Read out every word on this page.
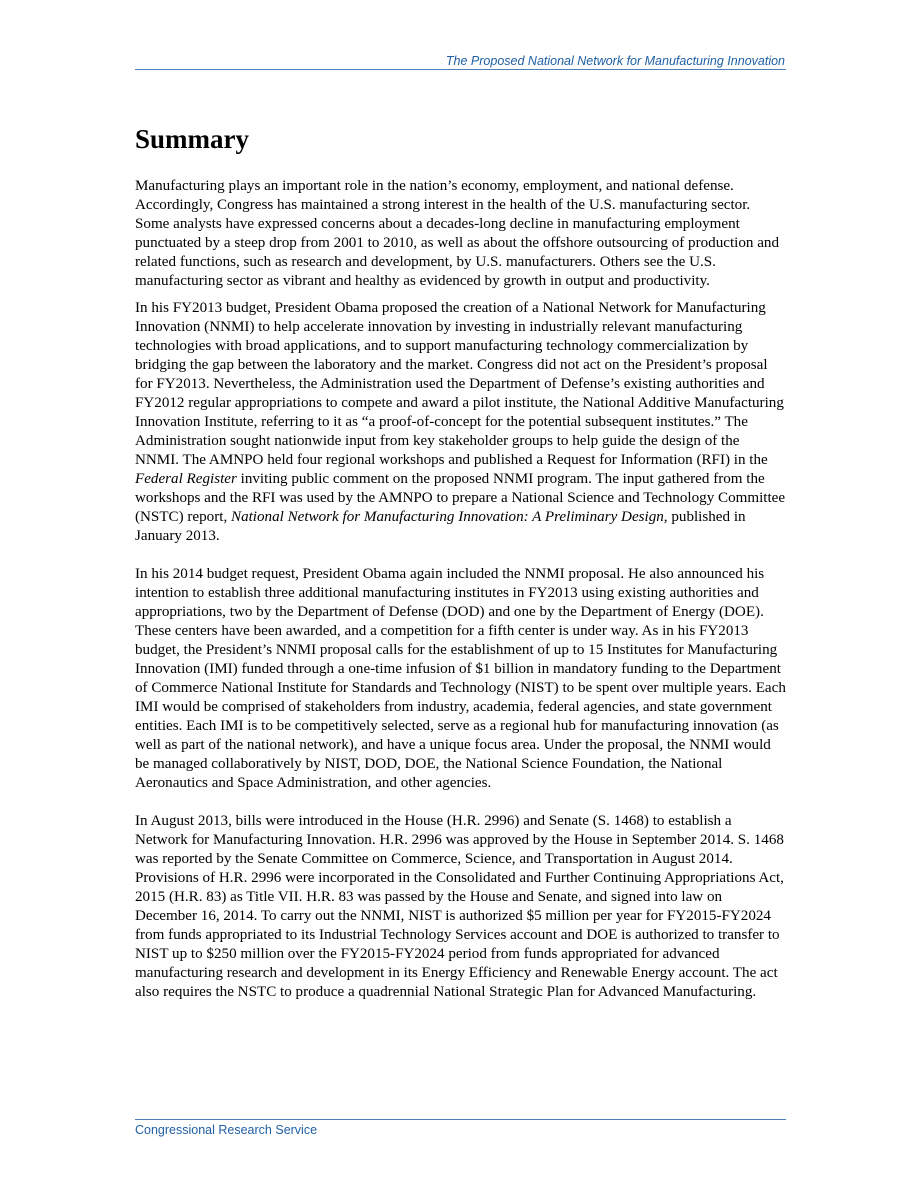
The Proposed National Network for Manufacturing Innovation
Summary

Manufacturing plays an important role in the nation’s economy, employment, and national defense. Accordingly, Congress has maintained a strong interest in the health of the U.S. manufacturing sector. Some analysts have expressed concerns about a decades-long decline in manufacturing employment punctuated by a steep drop from 2001 to 2010, as well as about the offshore outsourcing of production and related functions, such as research and development, by U.S. manufacturers. Others see the U.S. manufacturing sector as vibrant and healthy as evidenced by growth in output and productivity.

In his FY2013 budget, President Obama proposed the creation of a National Network for Manufacturing Innovation (NNMI) to help accelerate innovation by investing in industrially relevant manufacturing technologies with broad applications, and to support manufacturing technology commercialization by bridging the gap between the laboratory and the market. Congress did not act on the President’s proposal for FY2013. Nevertheless, the Administration used the Department of Defense’s existing authorities and FY2012 regular appropriations to compete and award a pilot institute, the National Additive Manufacturing Innovation Institute, referring to it as “a proof-of-concept for the potential subsequent institutes.” The Administration sought nationwide input from key stakeholder groups to help guide the design of the NNMI. The AMNPO held four regional workshops and published a Request for Information (RFI) in the Federal Register inviting public comment on the proposed NNMI program. The input gathered from the workshops and the RFI was used by the AMNPO to prepare a National Science and Technology Committee (NSTC) report, National Network for Manufacturing Innovation: A Preliminary Design, published in January 2013.

In his 2014 budget request, President Obama again included the NNMI proposal. He also announced his intention to establish three additional manufacturing institutes in FY2013 using existing authorities and appropriations, two by the Department of Defense (DOD) and one by the Department of Energy (DOE). These centers have been awarded, and a competition for a fifth center is under way. As in his FY2013 budget, the President’s NNMI proposal calls for the establishment of up to 15 Institutes for Manufacturing Innovation (IMI) funded through a one-time infusion of $1 billion in mandatory funding to the Department of Commerce National Institute for Standards and Technology (NIST) to be spent over multiple years. Each IMI would be comprised of stakeholders from industry, academia, federal agencies, and state government entities. Each IMI is to be competitively selected, serve as a regional hub for manufacturing innovation (as well as part of the national network), and have a unique focus area. Under the proposal, the NNMI would be managed collaboratively by NIST, DOD, DOE, the National Science Foundation, the National Aeronautics and Space Administration, and other agencies.

In August 2013, bills were introduced in the House (H.R. 2996) and Senate (S. 1468) to establish a Network for Manufacturing Innovation. H.R. 2996 was approved by the House in September 2014. S. 1468 was reported by the Senate Committee on Commerce, Science, and Transportation in August 2014. Provisions of H.R. 2996 were incorporated in the Consolidated and Further Continuing Appropriations Act, 2015 (H.R. 83) as Title VII. H.R. 83 was passed by the House and Senate, and signed into law on December 16, 2014. To carry out the NNMI, NIST is authorized $5 million per year for FY2015-FY2024 from funds appropriated to its Industrial Technology Services account and DOE is authorized to transfer to NIST up to $250 million over the FY2015-FY2024 period from funds appropriated for advanced manufacturing research and development in its Energy Efficiency and Renewable Energy account. The act also requires the NSTC to produce a quadrennial National Strategic Plan for Advanced Manufacturing.

Congressional Research Service
